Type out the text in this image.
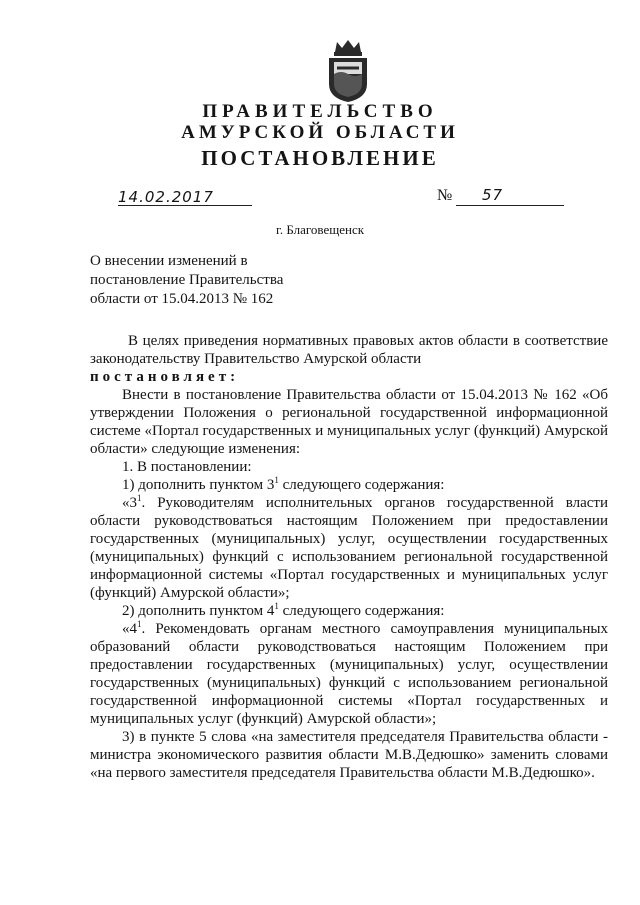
ПРАВИТЕЛЬСТВО
АМУРСКОЙ ОБЛАСТИ
ПОСТАНОВЛЕНИЕ
14.02.2017	№ 57
г. Благовещенск
О внесении изменений в
постановление Правительства
области от 15.04.2013 № 162

В целях приведения нормативных правовых актов области в соответствие законодательству Правительство Амурской области

постановляет:

Внести в постановление Правительства области от 15.04.2013 № 162 «Об утверждении Положения о региональной государственной информационной системе «Портал государственных и муниципальных услуг (функций) Амурской области» следующие изменения:

1. В постановлении:

1) дополнить пунктом $3^1$ следующего содержания:

«$3^1$. Руководителям исполнительных органов государственной власти области руководствоваться настоящим Положением при предоставлении государственных (муниципальных) услуг, осуществлении государственных (муниципальных) функций с использованием региональной государственной информационной системы «Портал государственных и муниципальных услуг (функций) Амурской области»;

2) дополнить пунктом $4^1$ следующего содержания:

«$4^1$. Рекомендовать органам местного самоуправления муниципальных образований области руководствоваться настоящим Положением при предоставлении государственных (муниципальных) услуг, осуществлении государственных (муниципальных) функций с использованием региональной государственной информационной системы «Портал государственных и муниципальных услуг (функций) Амурской области»;

3) в пункте 5 слова «на заместителя председателя Правительства области - министра экономического развития области М.В.Дедюшко» заменить словами «на первого заместителя председателя Правительства области М.В.Дедюшко».
